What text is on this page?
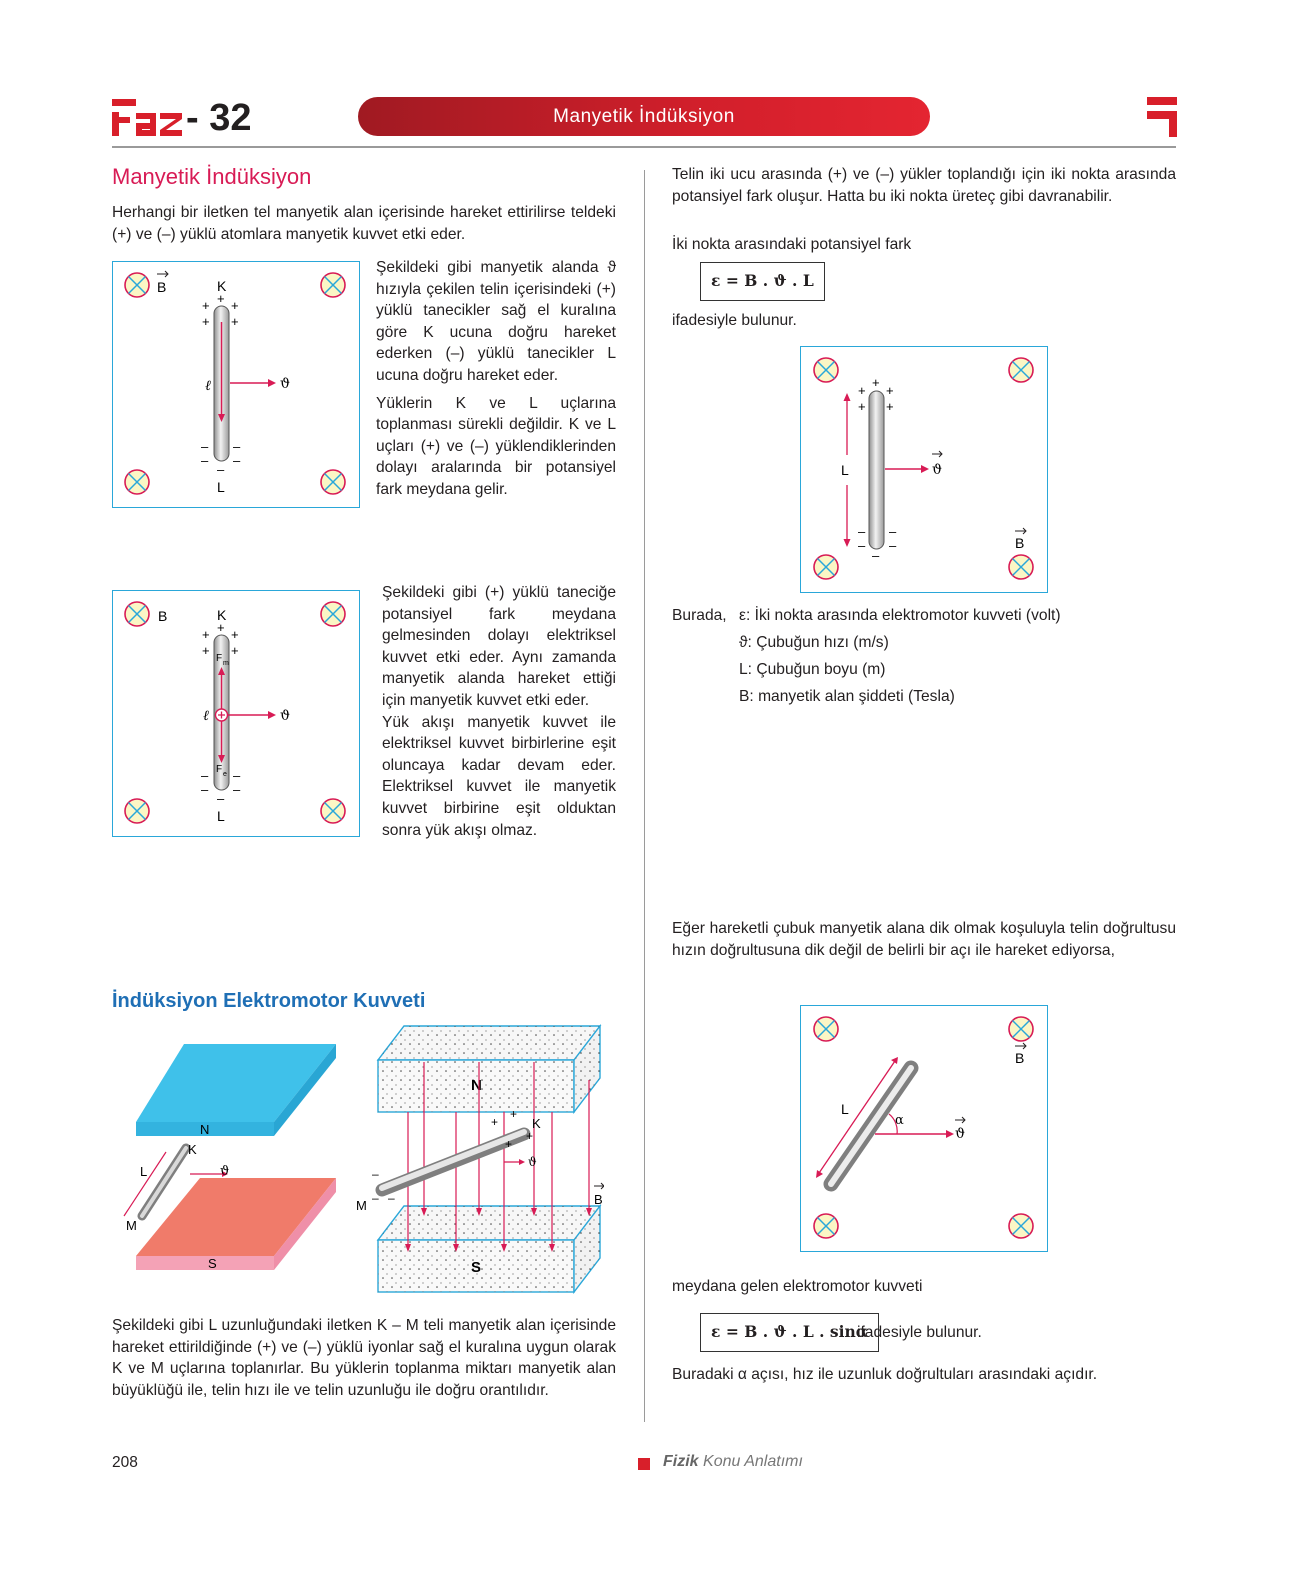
- 32	Manyetik İndüksiyon
Manyetik İndüksiyon
Herhangi bir iletken tel manyetik alan içerisinde hareket ettirilirse teldeki (+) ve (–) yüklü atomlara manyetik kuvvet etki eder.
B	K
+
+ +
+ +
ℓ	ϑ
– –
– –
–
L

Şekildeki gibi manyetik alanda ϑ hızıyla çekilen telin içerisindeki (+) yüklü tanecikler sağ el kuralına göre K ucuna doğru hareket ederken (–) yüklü tanecikler L ucuna doğru hareket eder.

Yüklerin K ve L uçlarına toplanması sürekli değildir. K ve L uçları (+) ve (–) yüklendiklerinden dolayı aralarında bir potansiyel fark meydana gelir.

B	K
+
+ +
+ +
F m
F e
ℓ	ϑ
– –
– –
–
L

Şekildeki gibi (+) yüklü taneciğe potansiyel fark meydana gelmesinden dolayı elektriksel kuvvet etki eder. Aynı zamanda manyetik alanda hareket ettiği için manyetik kuvvet etki eder.

Yük akışı manyetik kuvvet ile elektriksel kuvvet birbirlerine eşit oluncaya kadar devam eder. Elektriksel kuvvet ile manyetik kuvvet birbirine eşit olduktan sonra yük akışı olmaz.

İndüksiyon Elektromotor Kuvveti
N
S
K
M
L	ϑ
N
S
K
M
+
+
+
+
–
– –
ϑ
B
Şekildeki gibi L uzunluğundaki iletken K – M teli manyetik alan içerisinde hareket ettirildiğinde (+) ve (–) yüklü iyonlar sağ el kuralına uygun olarak K ve M uçlarına toplanırlar. Bu yüklerin toplanma miktarı manyetik alan büyüklüğü ile, telin hızı ile ve telin uzunluğu ile doğru orantılıdır.
Telin iki ucu arasında (+) ve (–) yükler toplandığı için iki nokta arasında potansiyel fark oluşur. Hatta bu iki nokta üreteç gibi davranabilir.
İki nokta arasındaki potansiyel fark
ε = B . ϑ . L
ifadesiyle bulunur.
+
+ +
+ +
L	ϑ
– –
– –
–
B
Burada, ε: İki nokta arasında elektromotor kuvveti (volt)
ϑ: Çubuğun hızı (m/s)
L: Çubuğun boyu (m)
B: manyetik alan şiddeti (Tesla)
Eğer hareketli çubuk manyetik alana dik olmak koşuluyla telin doğrultusu hızın doğrultusuna dik değil de belirli bir açı ile hareket ediyorsa,
B
L
α
ϑ
meydana gelen elektromotor kuvveti
ε = B . ϑ . L . sinα
ifadesiyle bulunur.
Buradaki α açısı, hız ile uzunluk doğrultuları arasındaki açıdır.
208	Fizik Konu Anlatımı
